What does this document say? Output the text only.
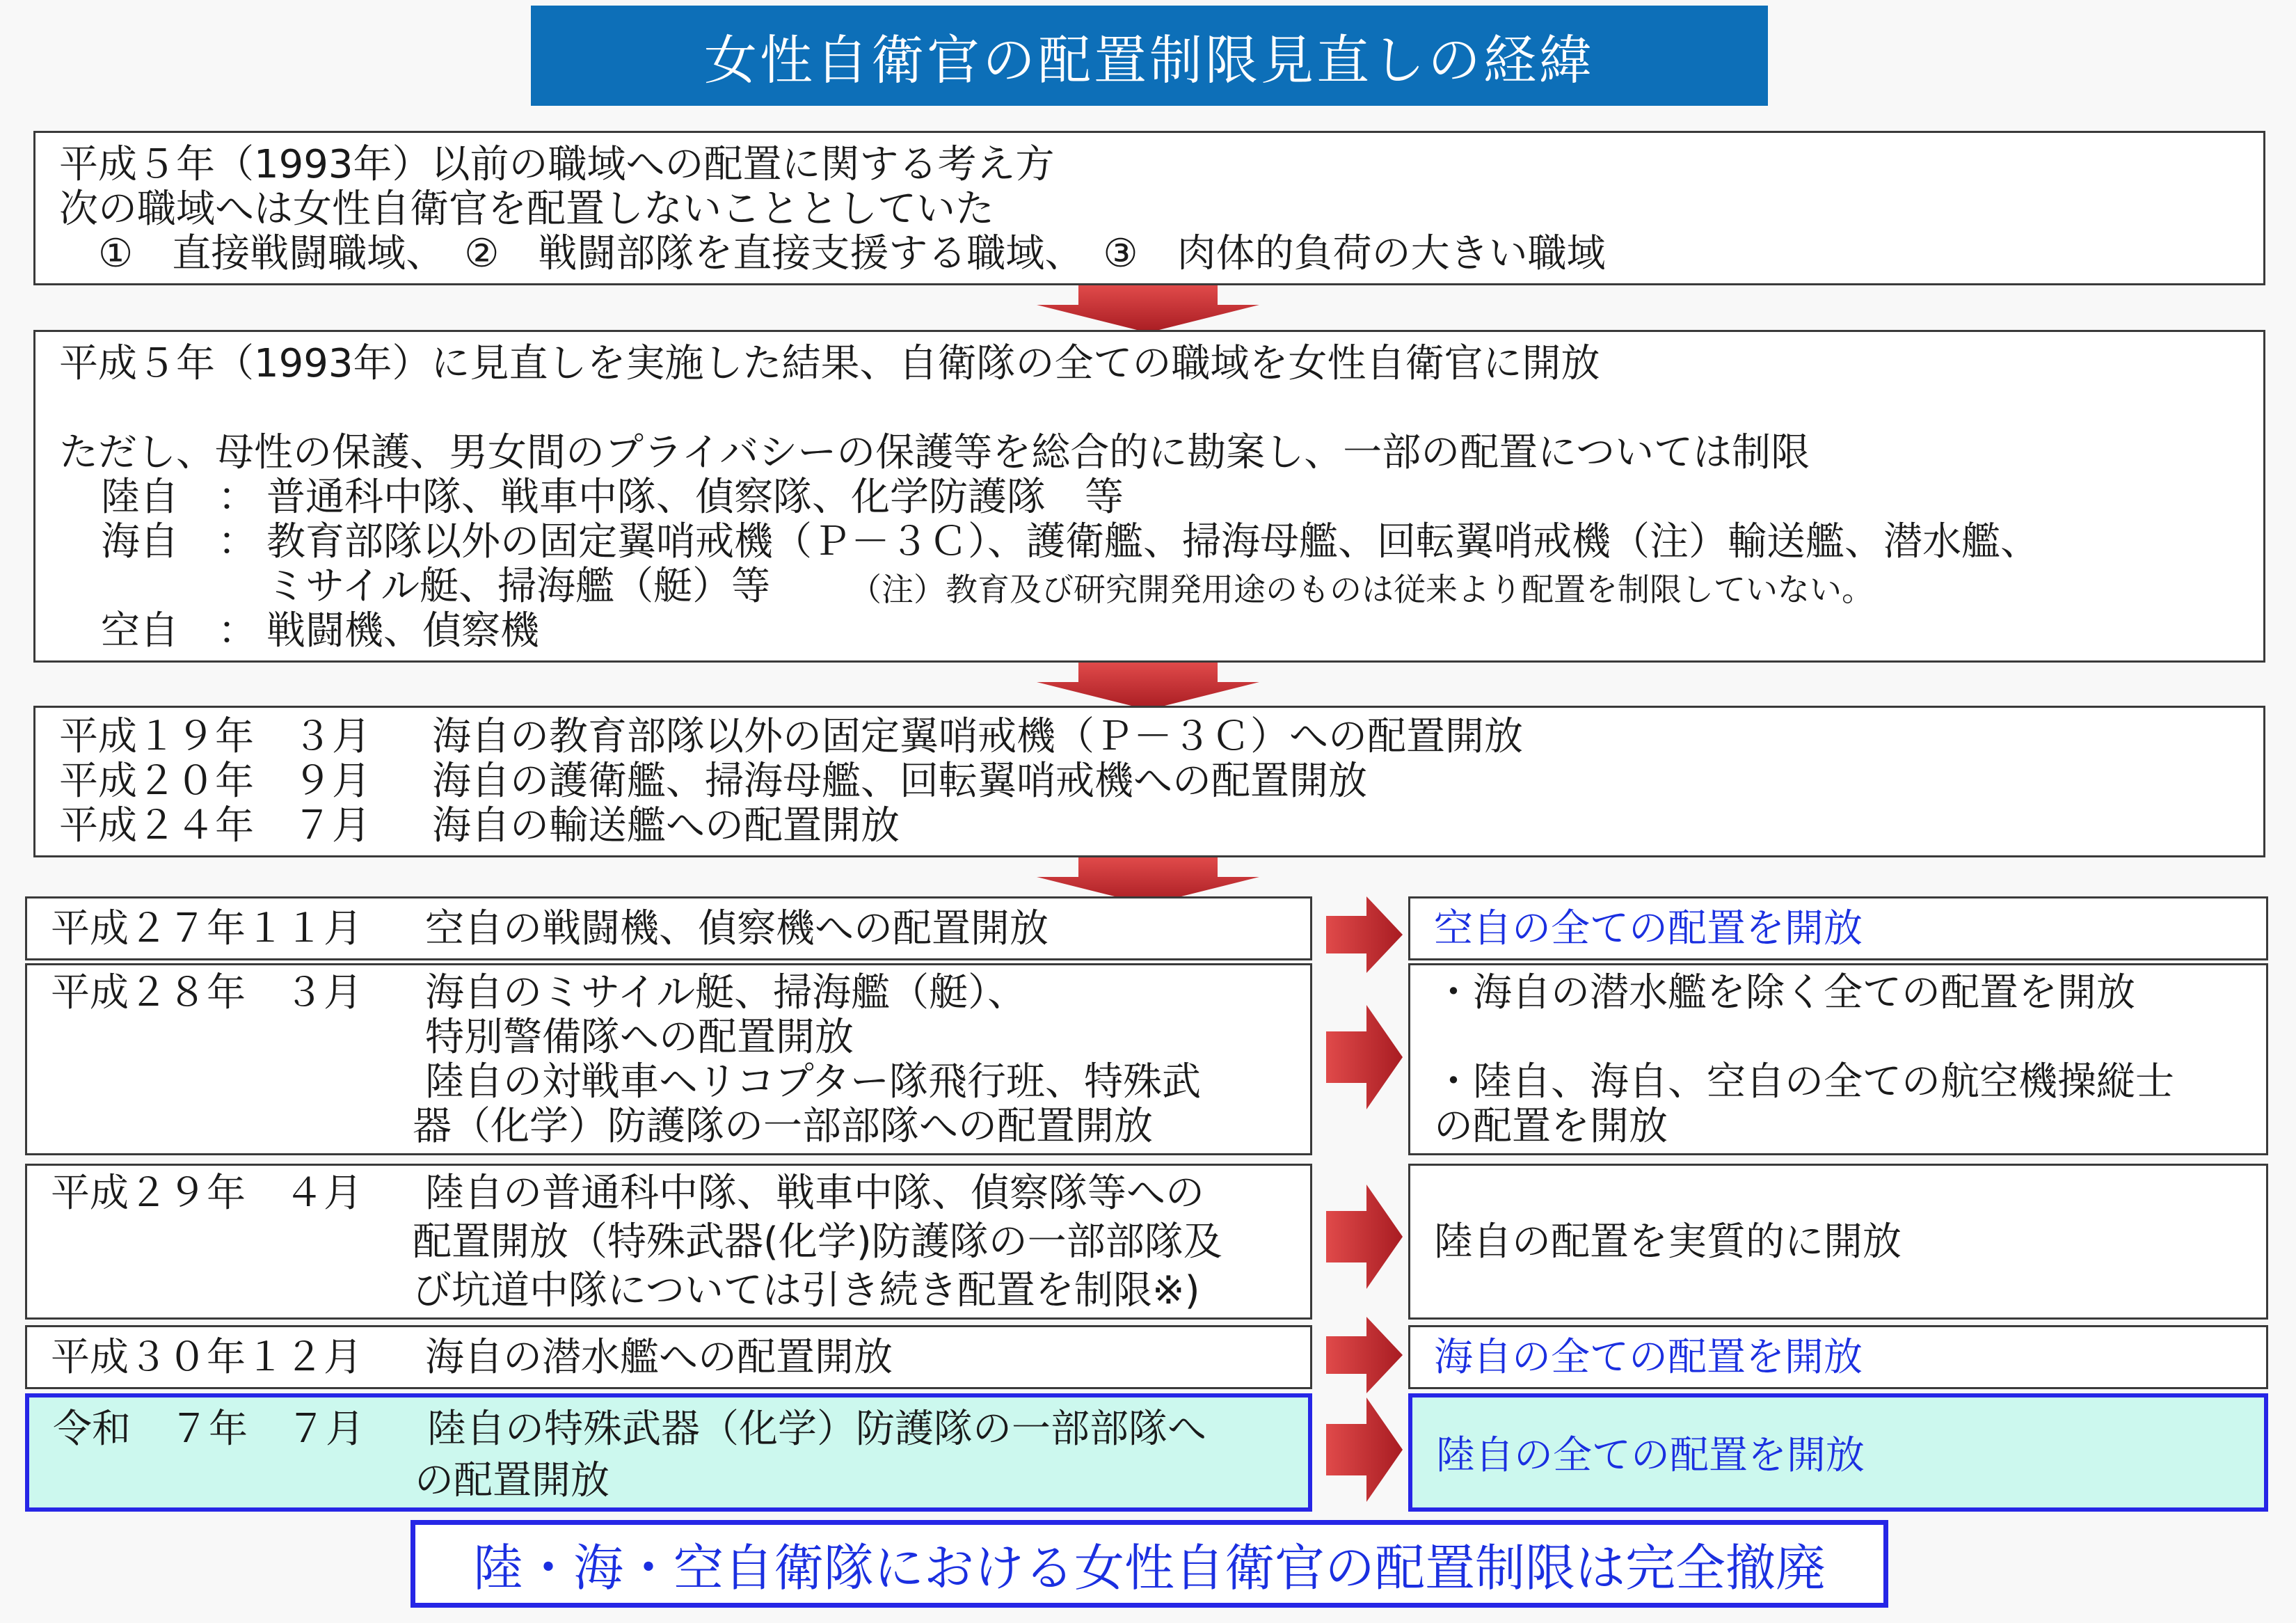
女性自衛官の配置制限見直しの経緯
平成５年（1993年）以前の職域への配置に関する考え方
次の職域へは女性自衛官を配置しないこととしていた
　①　直接戦闘職域、　②　戦闘部隊を直接支援する職域、　③　肉体的負荷の大きい職域
平成５年（1993年）に見直しを実施した結果、自衛隊の全ての職域を女性自衛官に開放
ただし、母性の保護、男女間のプライバシーの保護等を総合的に勘案し、一部の配置については制限
陸自 ： 普通科中隊、戦車中隊、偵察隊、化学防護隊　等
海自 ： 教育部隊以外の固定翼哨戒機（Ｐ－３Ｃ）、護衛艦、掃海母艦、回転翼哨戒機（注）輸送艦、潜水艦、
ミサイル艇、掃海艦（艇）等 （注）教育及び研究開発用途のものは従来より配置を制限していない。
空自 ： 戦闘機、偵察機
平成１９年　３月 海自の教育部隊以外の固定翼哨戒機（Ｐ－３Ｃ）への配置開放
平成２０年　９月 海自の護衛艦、掃海母艦、回転翼哨戒機への配置開放
平成２４年　７月 海自の輸送艦への配置開放
平成２７年１１月 空自の戦闘機、偵察機への配置開放	空自の全ての配置を開放
平成２８年　３月 海自のミサイル艇、掃海艦（艇）、
特別警備隊への配置開放
陸自の対戦車ヘリコプター隊飛行班、特殊武
器（化学）防護隊の一部部隊への配置開放
・海自の潜水艦を除く全ての配置を開放
・陸自、海自、空自の全ての航空機操縦士
の配置を開放
平成２９年　４月 陸自の普通科中隊、戦車中隊、偵察隊等への
配置開放（特殊武器(化学)防護隊の一部部隊及
び坑道中隊については引き続き配置を制限※)
陸自の配置を実質的に開放
平成３０年１２月 海自の潜水艦への配置開放	海自の全ての配置を開放
令和　７年　７月 陸自の特殊武器（化学）防護隊の一部部隊へ
の配置開放
陸自の全ての配置を開放
陸・海・空自衛隊における女性自衛官の配置制限は完全撤廃
